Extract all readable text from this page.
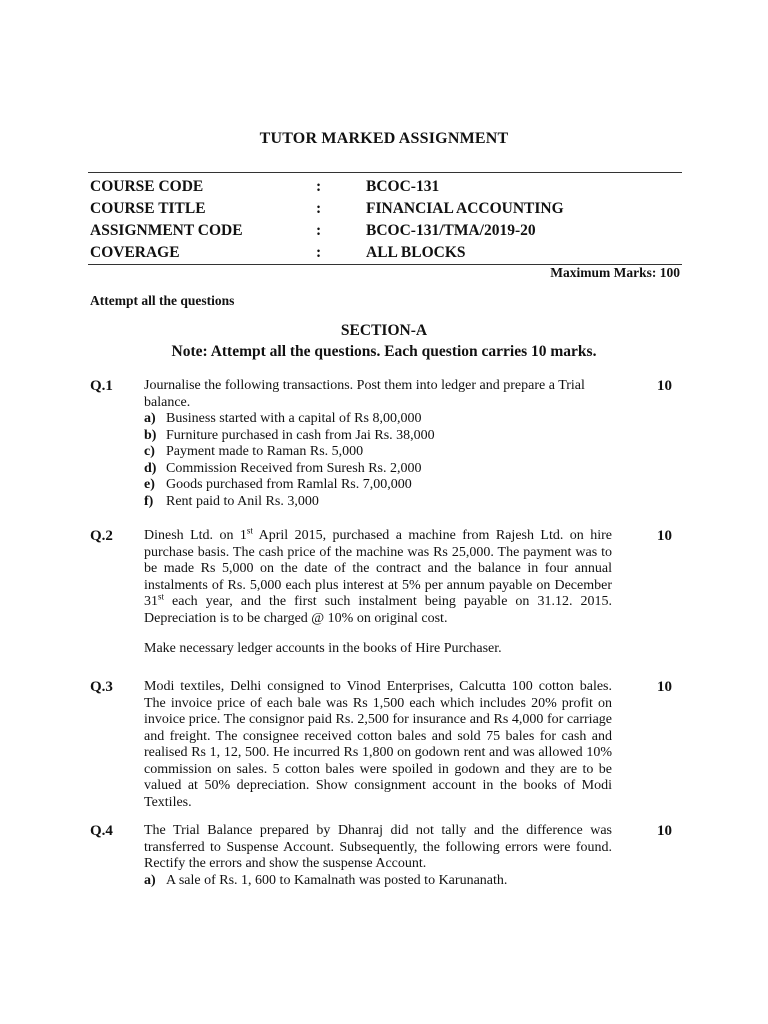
TUTOR MARKED ASSIGNMENT
COURSE CODE	:	BCOC-131
COURSE TITLE	:	FINANCIAL ACCOUNTING
ASSIGNMENT CODE	:	BCOC-131/TMA/2019-20
COVERAGE	:	ALL BLOCKS
Maximum Marks: 100
Attempt all the questions
SECTION-A
Note: Attempt all the questions. Each question carries 10 marks.
Q.1	10

Journalise the following transactions. Post them into ledger and prepare a Trial balance.

a) Business started with a capital of Rs 8,00,000
b) Furniture purchased in cash from Jai Rs. 38,000
c) Payment made to Raman Rs. 5,000
d) Commission Received from Suresh Rs. 2,000
e) Goods purchased from Ramlal Rs. 7,00,000
f) Rent paid to Anil Rs. 3,000
Q.2	10

Dinesh Ltd. on 1st April 2015, purchased a machine from Rajesh Ltd. on hire purchase basis. The cash price of the machine was Rs 25,000. The payment was to be made Rs 5,000 on the date of the contract and the balance in four annual instalments of Rs. 5,000 each plus interest at 5% per annum payable on December 31st each year, and the first such instalment being payable on 31.12. 2015. Depreciation is to be charged @ 10% on original cost.

Make necessary ledger accounts in the books of Hire Purchaser.

Q.3	10

Modi textiles, Delhi consigned to Vinod Enterprises, Calcutta 100 cotton bales. The invoice price of each bale was Rs 1,500 each which includes 20% profit on invoice price. The consignor paid Rs. 2,500 for insurance and Rs 4,000 for carriage and freight. The consignee received cotton bales and sold 75 bales for cash and realised Rs 1, 12, 500. He incurred Rs 1,800 on godown rent and was allowed 10% commission on sales. 5 cotton bales were spoiled in godown and they are to be valued at 50% depreciation. Show consignment account in the books of Modi Textiles.

Q.4	10

The Trial Balance prepared by Dhanraj did not tally and the difference was transferred to Suspense Account. Subsequently, the following errors were found. Rectify the errors and show the suspense Account.

a) A sale of Rs. 1, 600 to Kamalnath was posted to Karunanath.
